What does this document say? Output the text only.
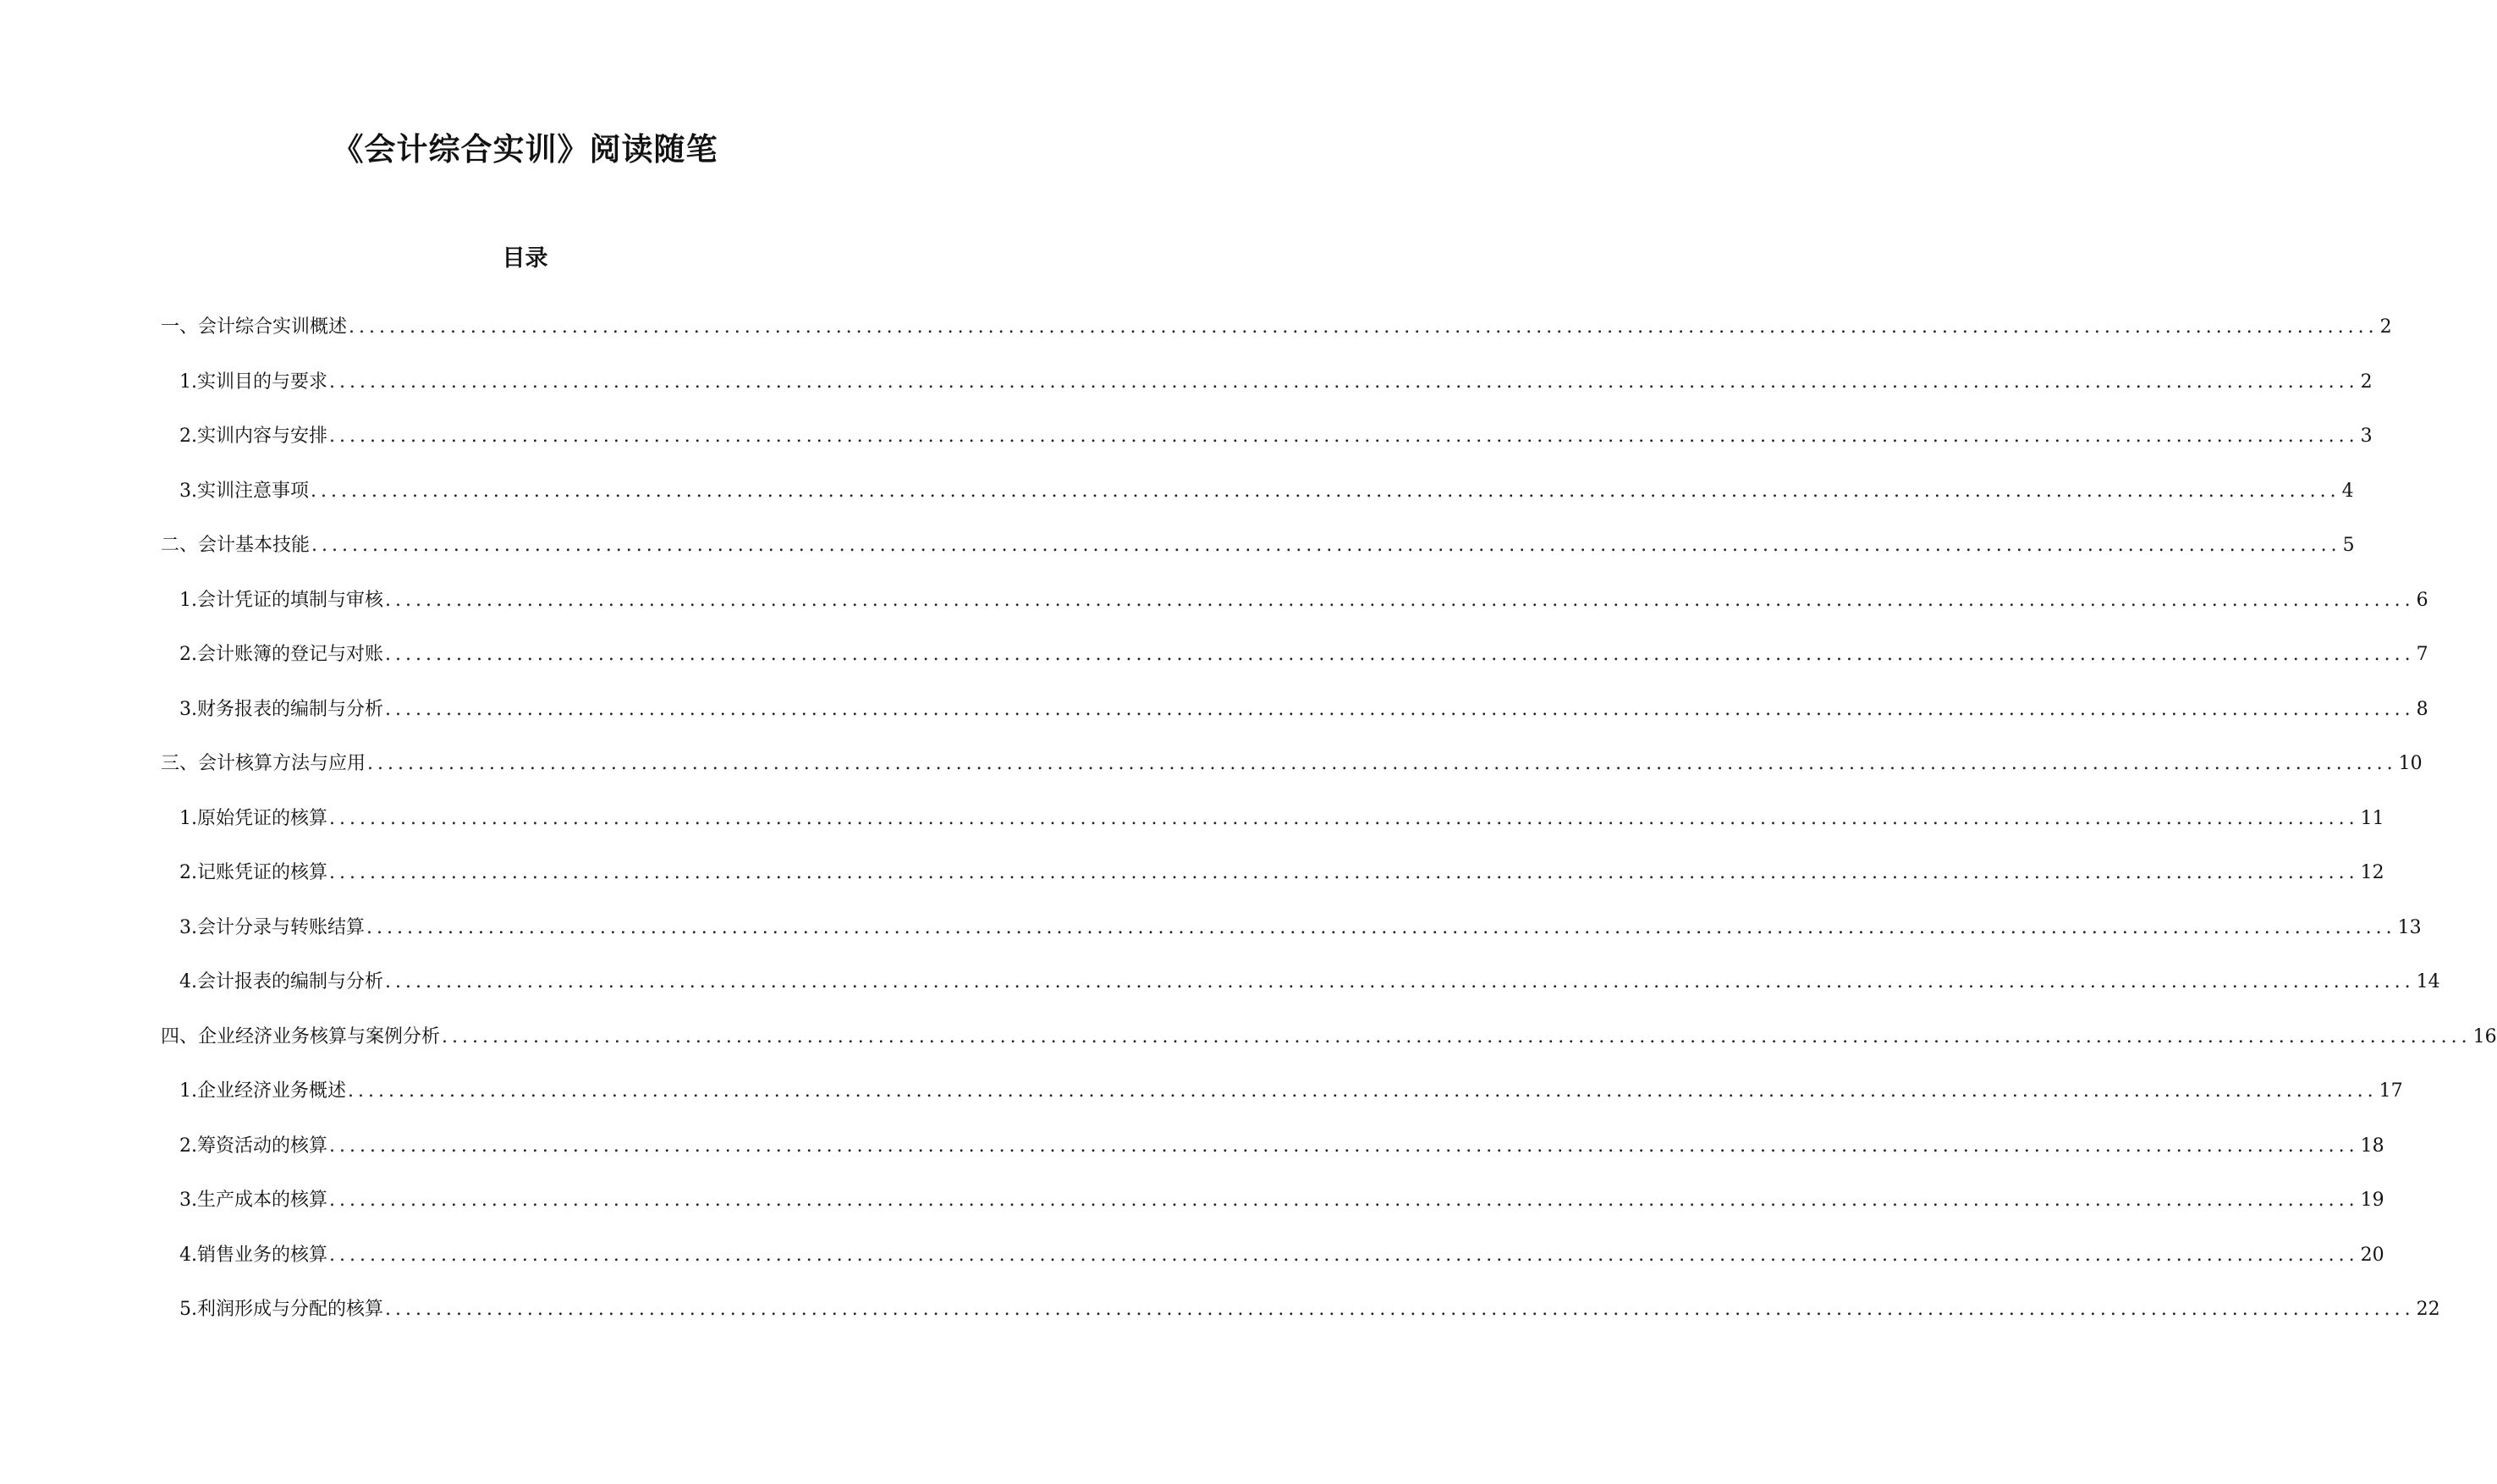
《会计综合实训》阅读随笔
目录
一、会计综合实训概述 ........................................................................................................................................................................................................ 2
1. 实训目的与要求 ........................................................................................................................................................................................................ 2
2. 实训内容与安排 ........................................................................................................................................................................................................ 3
3. 实训注意事项 ........................................................................................................................................................................................................ 4
二、会计基本技能 ........................................................................................................................................................................................................ 5
1. 会计凭证的填制与审核 ........................................................................................................................................................................................................ 6
2. 会计账簿的登记与对账 ........................................................................................................................................................................................................ 7
3. 财务报表的编制与分析 ........................................................................................................................................................................................................ 8
三、会计核算方法与应用 ........................................................................................................................................................................................................ 10
1. 原始凭证的核算 ........................................................................................................................................................................................................ 11
2. 记账凭证的核算 ........................................................................................................................................................................................................ 12
3. 会计分录与转账结算 ........................................................................................................................................................................................................ 13
4. 会计报表的编制与分析 ........................................................................................................................................................................................................ 14
四、企业经济业务核算与案例分析 ........................................................................................................................................................................................................ 16
1. 企业经济业务概述 ........................................................................................................................................................................................................ 17
2. 筹资活动的核算 ........................................................................................................................................................................................................ 18
3. 生产成本的核算 ........................................................................................................................................................................................................ 19
4. 销售业务的核算 ........................................................................................................................................................................................................ 20
5. 利润形成与分配的核算 ........................................................................................................................................................................................................ 22
